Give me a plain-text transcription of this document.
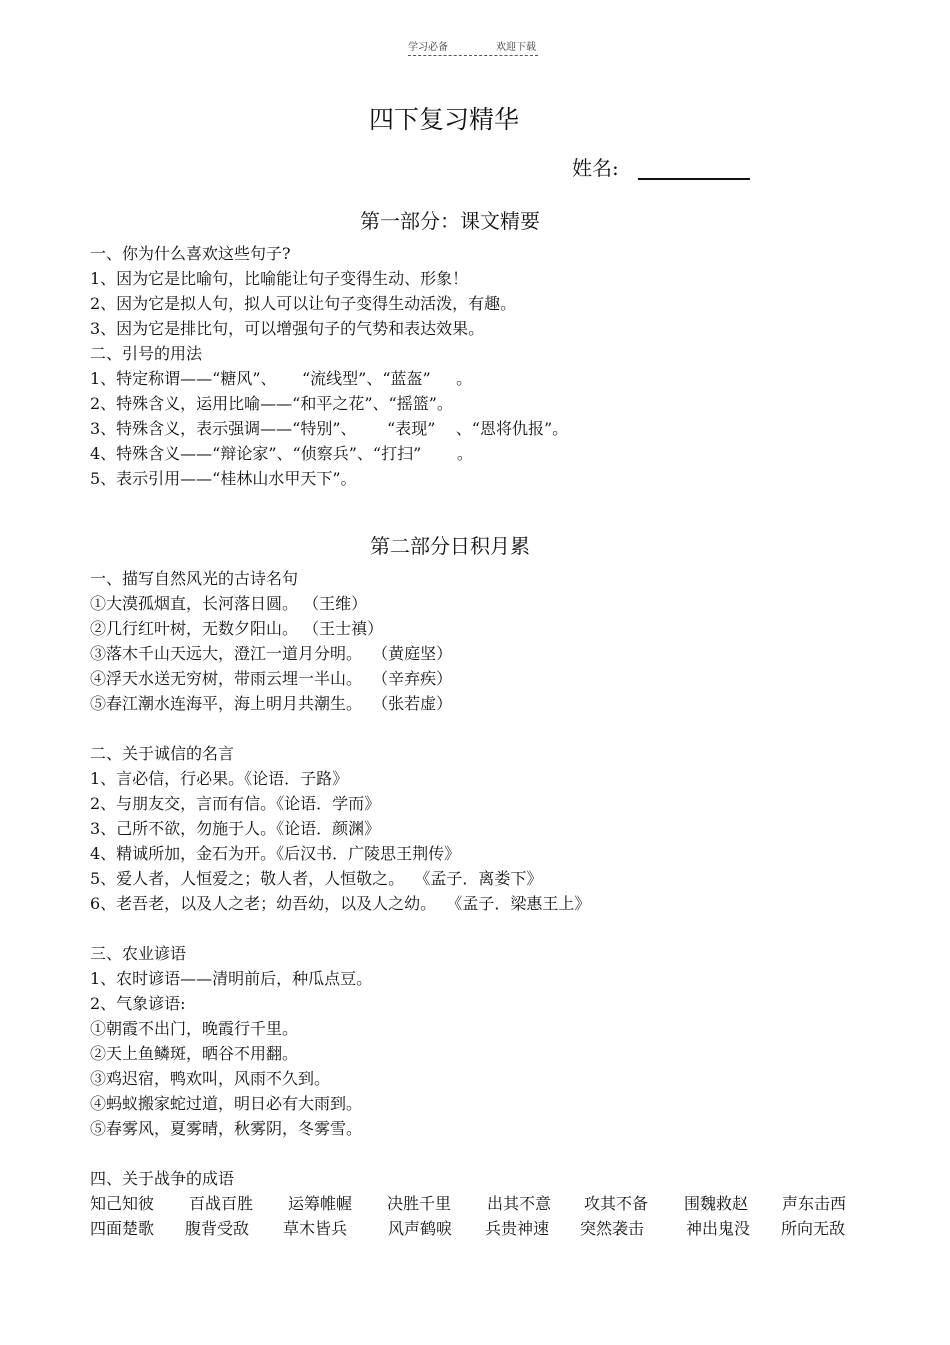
学习必备	欢迎下载
四下复习精华
姓名:
第一部分：课文精要
一、你为什么喜欢这些句子?
1、因为它是比喻句，比喻能让句子变得生动、形象！
2、因为它是拟人句，拟人可以让句子变得生动活泼，有趣。
3、因为它是排比句，可以增强句子的气势和表达效果。
二、引号的用法
1、特定称谓——“糖风”、     “流线型”、“蓝盔”     。
2、特殊含义，运用比喻——“和平之花”、“摇篮”。
3、特殊含义，表示强调——“特别”、      “表现”    、“恩将仇报”。
4、特殊含义——“辩论家”、“侦察兵”、“打扫”       。
5、表示引用——“桂林山水甲天下”。
一、描写自然风光的古诗名句
①大漠孤烟直，长河落日圆。 （王维）
②几行红叶树，无数夕阳山。 （王士禛）
③落木千山天远大，澄江一道月分明。  （黄庭坚）
④浮天水送无穷树，带雨云埋一半山。  （辛弃疾）
⑤春江潮水连海平，海上明月共潮生。  （张若虚）
二、关于诚信的名言
1、言必信，行必果。《论语．子路》
2、与朋友交，言而有信。《论语．学而》
3、己所不欲，勿施于人。《论语．颜渊》
4、精诚所加，金石为开。《后汉书．广陵思王荆传》
5、爱人者，人恒爱之；敬人者，人恒敬之。  《孟子．离娄下》
6、老吾老，以及人之老；幼吾幼，以及人之幼。  《孟子．梁惠王上》
三、农业谚语
1、农时谚语——清明前后，种瓜点豆。
2、气象谚语:
①朝霞不出门，晚霞行千里。
②天上鱼鳞斑，晒谷不用翻。
③鸡迟宿，鸭欢叫，风雨不久到。
④蚂蚁搬家蛇过道，明日必有大雨到。
⑤春雾风，夏雾晴，秋雾阴，冬雾雪。
四、关于战争的成语
第二部分日积月累
知己知彼 百战百胜 运筹帷幄 决胜千里 出其不意 攻其不备 围魏救赵 声东击西
四面楚歌 腹背受敌 草木皆兵	风声鹤唳 兵贵神速 突然袭击	神出鬼没 所向无敌
